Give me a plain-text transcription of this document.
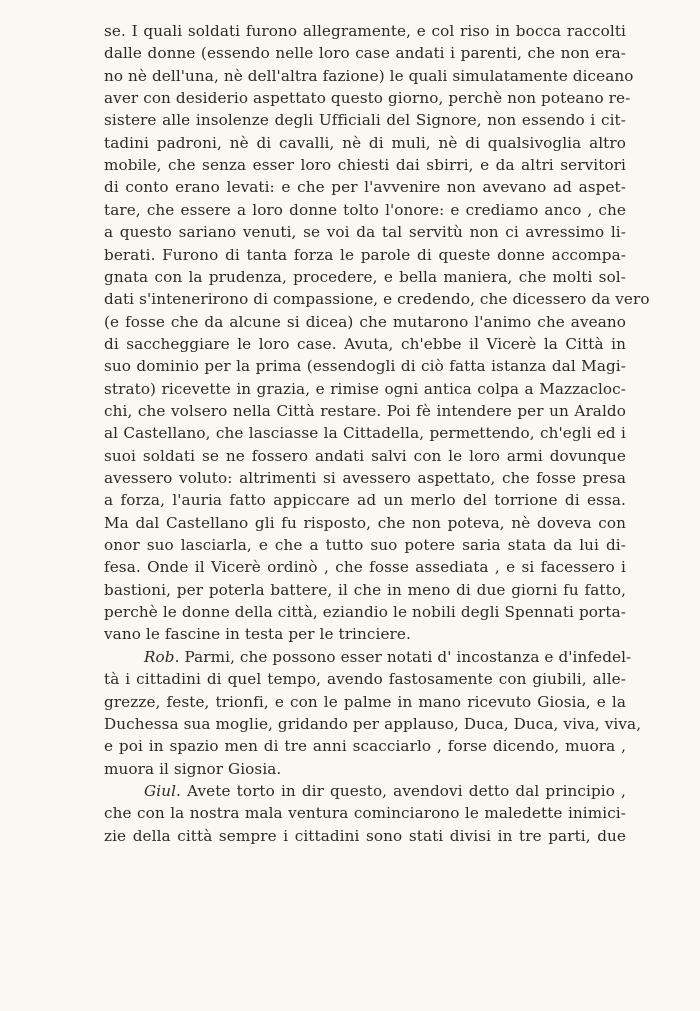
se. I quali soldati furono allegramente, e col riso in bocca raccolti
dalle donne (essendo nelle loro case andati i parenti, che non era-
no nè dell'una, nè dell'altra fazione) le quali simulatamente diceano
aver con desiderio aspettato questo giorno, perchè non poteano re-
sistere alle insolenze degli Ufficiali del Signore, non essendo i cit-
tadini padroni, nè di cavalli, nè di muli, nè di qualsivoglia altro
mobile, che senza esser loro chiesti dai sbirri, e da altri servitori
di conto erano levati: e che per l'avvenire non avevano ad aspet-
tare, che essere a loro donne tolto l'onore: e crediamo anco , che
a questo sariano venuti, se voi da tal servitù non ci avressimo li-
berati. Furono di tanta forza le parole di queste donne accompa-
gnata con la prudenza, procedere, e bella maniera, che molti sol-
dati s'intenerirono di compassione, e credendo, che dicessero da vero
(e fosse che da alcune si dicea) che mutarono l'animo che aveano
di saccheggiare le loro case. Avuta, ch'ebbe il Vicerè la Città in
suo dominio per la prima (essendogli di ciò fatta istanza dal Magi-
strato) ricevette in grazia, e rimise ogni antica colpa a Mazzacloc-
chi, che volsero nella Città restare. Poi fè intendere per un Araldo
al Castellano, che lasciasse la Cittadella, permettendo, ch'egli ed i
suoi soldati se ne fossero andati salvi con le loro armi dovunque
avessero voluto: altrimenti si avessero aspettato, che fosse presa
a forza, l'auria fatto appiccare ad un merlo del torrione di essa.
Ma dal Castellano gli fu risposto, che non poteva, nè doveva con
onor suo lasciarla, e che a tutto suo potere saria stata da lui di-
fesa. Onde il Vicerè ordinò , che fosse assediata , e si facessero i
bastioni, per poterla battere, il che in meno di due giorni fu fatto,
perchè le donne della città, eziandio le nobili degli Spennati porta-
vano le fascine in testa per le trinciere.
Rob. Parmi, che possono esser notati d' incostanza e d'infedel-
tà i cittadini di quel tempo, avendo fastosamente con giubili, alle-
grezze, feste, trionfi, e con le palme in mano ricevuto Giosia, e la
Duchessa sua moglie, gridando per applauso, Duca, Duca, viva, viva,
e poi in spazio men di tre anni scacciarlo , forse dicendo, muora ,
muora il signor Giosia.
Giul. Avete torto in dir questo, avendovi detto dal principio ,
che con la nostra mala ventura cominciarono le maledette inimici-
zie della città sempre i cittadini sono stati divisi in tre parti, due
